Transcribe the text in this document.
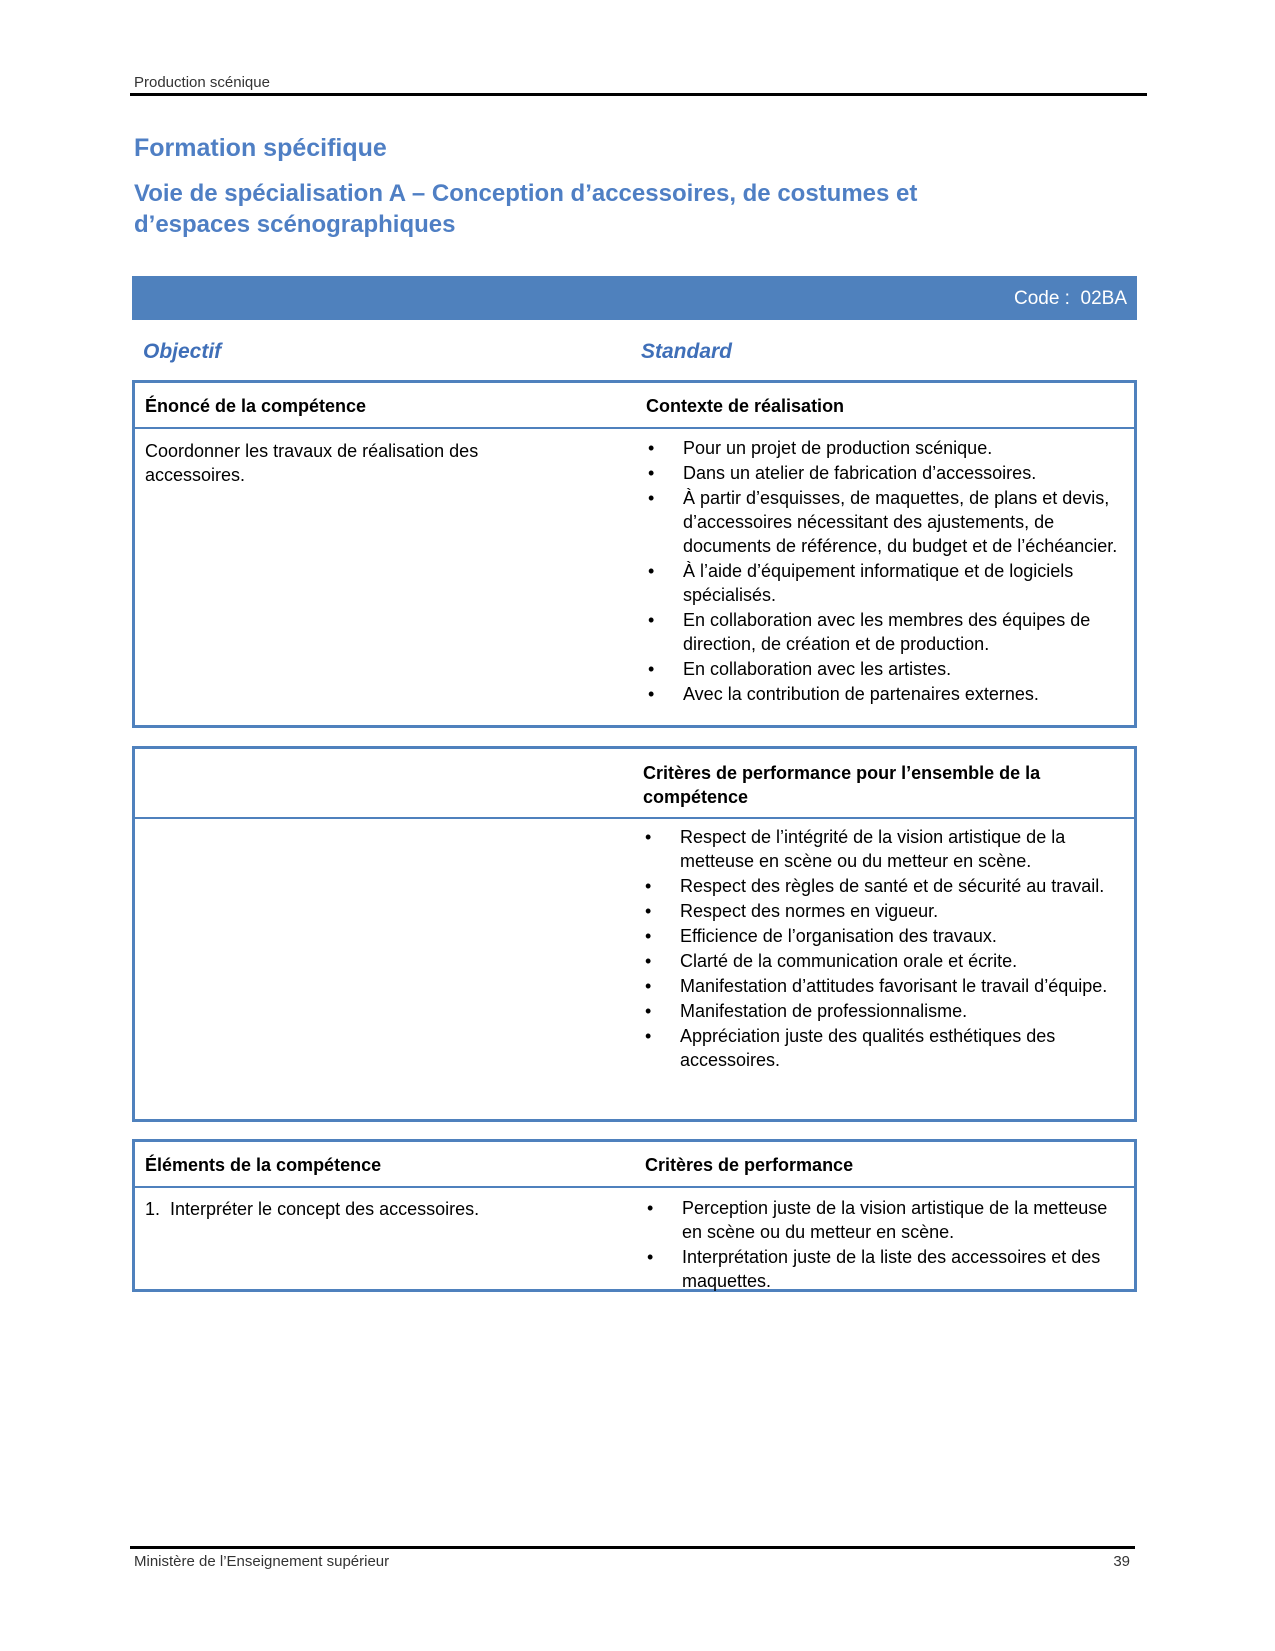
Production scénique
Formation spécifique
Voie de spécialisation A – Conception d’accessoires, de costumes et d’espaces scénographiques
Code : 02BA
Objectif	Standard
Énoncé de la compétence	Contexte de réalisation
Coordonner les travaux de réalisation des accessoires.
• Pour un projet de production scénique.
• Dans un atelier de fabrication d’accessoires.
• À partir d’esquisses, de maquettes, de plans et devis, d’accessoires nécessitant des ajustements, de documents de référence, du budget et de l’échéancier.
• À l’aide d’équipement informatique et de logiciels spécialisés.
• En collaboration avec les membres des équipes de direction, de création et de production.
• En collaboration avec les artistes.
• Avec la contribution de partenaires externes.
Critères de performance pour l’ensemble de la compétence
• Respect de l’intégrité de la vision artistique de la metteuse en scène ou du metteur en scène.
• Respect des règles de santé et de sécurité au travail.
• Respect des normes en vigueur.
• Efficience de l’organisation des travaux.
• Clarté de la communication orale et écrite.
• Manifestation d’attitudes favorisant le travail d’équipe.
• Manifestation de professionnalisme.
• Appréciation juste des qualités esthétiques des accessoires.
Éléments de la compétence	Critères de performance
1.  Interpréter le concept des accessoires.
•	Perception juste de la vision artistique de la metteuse en scène ou du metteur en scène.
• Interprétation juste de la liste des accessoires et des maquettes.
Ministère de l’Enseignement supérieur	39
